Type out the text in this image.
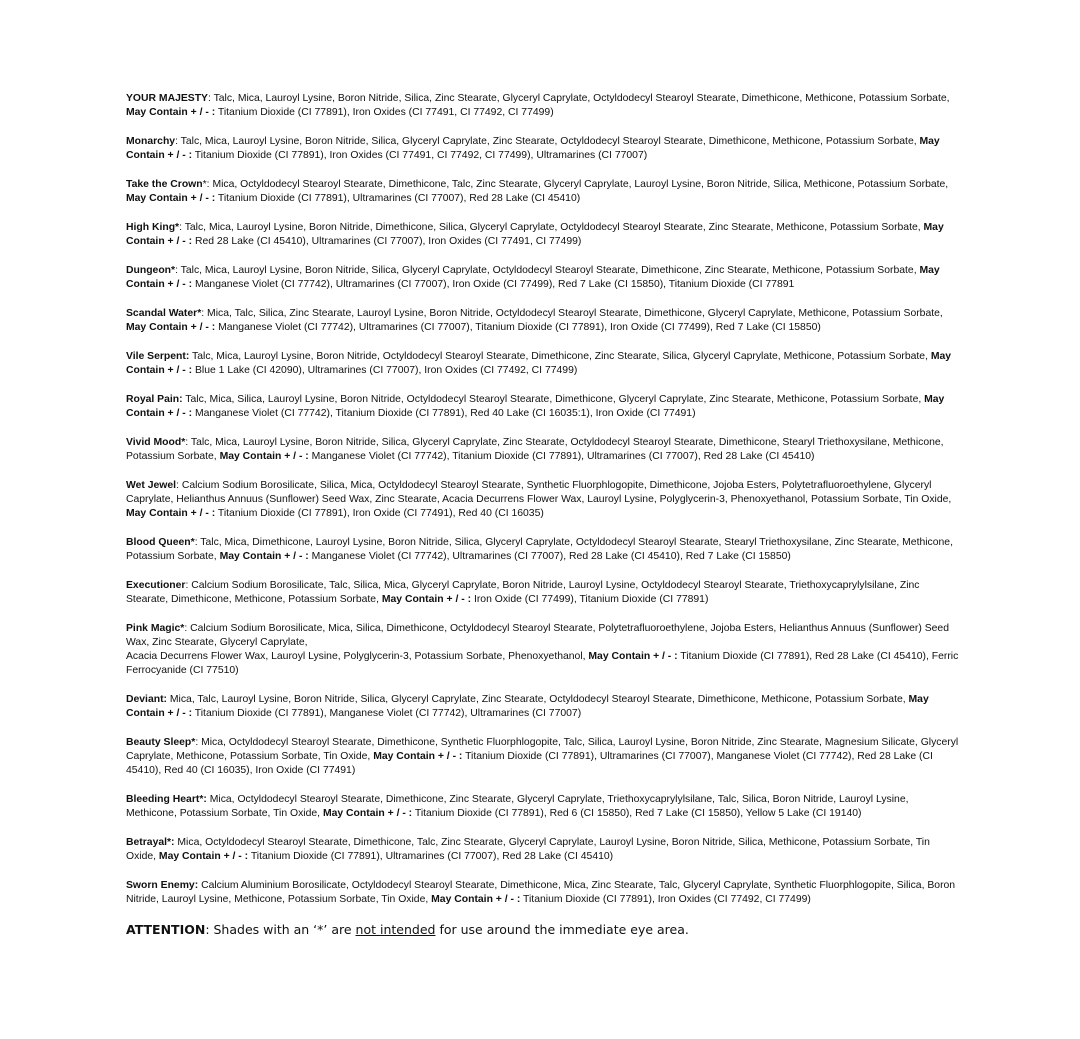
YOUR MAJESTY: Talc, Mica, Lauroyl Lysine, Boron Nitride, Silica, Zinc Stearate, Glyceryl Caprylate, Octyldodecyl Stearoyl Stearate, Dimethicone, Methicone, Potassium Sorbate, May Contain + / - : Titanium Dioxide (CI 77891), Iron Oxides (CI 77491, CI 77492, CI 77499)

Monarchy: Talc, Mica, Lauroyl Lysine, Boron Nitride, Silica, Glyceryl Caprylate, Zinc Stearate, Octyldodecyl Stearoyl Stearate, Dimethicone, Methicone, Potassium Sorbate, May Contain + / - : Titanium Dioxide (CI 77891), Iron Oxides (CI 77491, CI 77492, CI 77499), Ultramarines (CI 77007)

Take the Crown*: Mica, Octyldodecyl Stearoyl Stearate, Dimethicone, Talc, Zinc Stearate, Glyceryl Caprylate, Lauroyl Lysine, Boron Nitride, Silica, Methicone, Potassium Sorbate, May Contain + / - : Titanium Dioxide (CI 77891), Ultramarines (CI 77007), Red 28 Lake (CI 45410)

High King*: Talc, Mica, Lauroyl Lysine, Boron Nitride, Dimethicone, Silica, Glyceryl Caprylate, Octyldodecyl Stearoyl Stearate, Zinc Stearate, Methicone, Potassium Sorbate, May Contain + / - : Red 28 Lake (CI 45410), Ultramarines (CI 77007), Iron Oxides (CI 77491, CI 77499)

Dungeon*: Talc, Mica, Lauroyl Lysine, Boron Nitride, Silica, Glyceryl Caprylate, Octyldodecyl Stearoyl Stearate, Dimethicone, Zinc Stearate, Methicone, Potassium Sorbate, May Contain + / - : Manganese Violet (CI 77742), Ultramarines (CI 77007), Iron Oxide (CI 77499), Red 7 Lake (CI 15850), Titanium Dioxide (CI 77891

Scandal Water*: Mica, Talc, Silica, Zinc Stearate, Lauroyl Lysine, Boron Nitride, Octyldodecyl Stearoyl Stearate, Dimethicone, Glyceryl Caprylate, Methicone, Potassium Sorbate, May Contain + / - : Manganese Violet (CI 77742), Ultramarines (CI 77007), Titanium Dioxide (CI 77891), Iron Oxide (CI 77499), Red 7 Lake (CI 15850)

Vile Serpent: Talc, Mica, Lauroyl Lysine, Boron Nitride, Octyldodecyl Stearoyl Stearate, Dimethicone, Zinc Stearate, Silica, Glyceryl Caprylate, Methicone, Potassium Sorbate, May Contain + / - : Blue 1 Lake (CI 42090), Ultramarines (CI 77007), Iron Oxides (CI 77492, CI 77499)

Royal Pain: Talc, Mica, Silica, Lauroyl Lysine, Boron Nitride, Octyldodecyl Stearoyl Stearate, Dimethicone, Glyceryl Caprylate, Zinc Stearate, Methicone, Potassium Sorbate, May Contain + / - : Manganese Violet (CI 77742), Titanium Dioxide (CI 77891), Red 40 Lake (CI 16035:1), Iron Oxide (CI 77491)

Vivid Mood*: Talc, Mica, Lauroyl Lysine, Boron Nitride, Silica, Glyceryl Caprylate, Zinc Stearate, Octyldodecyl Stearoyl Stearate, Dimethicone, Stearyl Triethoxysilane, Methicone, Potassium Sorbate, May Contain + / - : Manganese Violet (CI 77742), Titanium Dioxide (CI 77891), Ultramarines (CI 77007), Red 28 Lake (CI 45410)

Wet Jewel: Calcium Sodium Borosilicate, Silica, Mica, Octyldodecyl Stearoyl Stearate, Synthetic Fluorphlogopite, Dimethicone, Jojoba Esters, Polytetrafluoroethylene, Glyceryl Caprylate, Helianthus Annuus (Sunflower) Seed Wax, Zinc Stearate, Acacia Decurrens Flower Wax, Lauroyl Lysine, Polyglycerin-3, Phenoxyethanol, Potassium Sorbate, Tin Oxide, May Contain + / - : Titanium Dioxide (CI 77891), Iron Oxide (CI 77491), Red 40 (CI 16035)

Blood Queen*: Talc, Mica, Dimethicone, Lauroyl Lysine, Boron Nitride, Silica, Glyceryl Caprylate, Octyldodecyl Stearoyl Stearate, Stearyl Triethoxysilane, Zinc Stearate, Methicone, Potassium Sorbate, May Contain + / - : Manganese Violet (CI 77742), Ultramarines (CI 77007), Red 28 Lake (CI 45410), Red 7 Lake (CI 15850)

Executioner: Calcium Sodium Borosilicate, Talc, Silica, Mica, Glyceryl Caprylate, Boron Nitride, Lauroyl Lysine, Octyldodecyl Stearoyl Stearate, Triethoxycaprylylsilane, Zinc Stearate, Dimethicone, Methicone, Potassium Sorbate, May Contain + / - : Iron Oxide (CI 77499), Titanium Dioxide (CI 77891)

Pink Magic*: Calcium Sodium Borosilicate, Mica, Silica, Dimethicone, Octyldodecyl Stearoyl Stearate, Polytetrafluoroethylene, Jojoba Esters, Helianthus Annuus (Sunflower) Seed Wax, Zinc Stearate, Glyceryl Caprylate,
Acacia Decurrens Flower Wax, Lauroyl Lysine, Polyglycerin-3, Potassium Sorbate, Phenoxyethanol, May Contain + / - : Titanium Dioxide (CI 77891), Red 28 Lake (CI 45410), Ferric Ferrocyanide (CI 77510)

Deviant: Mica, Talc, Lauroyl Lysine, Boron Nitride, Silica, Glyceryl Caprylate, Zinc Stearate, Octyldodecyl Stearoyl Stearate, Dimethicone, Methicone, Potassium Sorbate, May Contain + / - : Titanium Dioxide (CI 77891), Manganese Violet (CI 77742), Ultramarines (CI 77007)

Beauty Sleep*: Mica, Octyldodecyl Stearoyl Stearate, Dimethicone, Synthetic Fluorphlogopite, Talc, Silica, Lauroyl Lysine, Boron Nitride, Zinc Stearate, Magnesium Silicate, Glyceryl Caprylate, Methicone, Potassium Sorbate, Tin Oxide, May Contain + / - : Titanium Dioxide (CI 77891), Ultramarines (CI 77007), Manganese Violet (CI 77742), Red 28 Lake (CI 45410), Red 40 (CI 16035), Iron Oxide (CI 77491)

Bleeding Heart*: Mica, Octyldodecyl Stearoyl Stearate, Dimethicone, Zinc Stearate, Glyceryl Caprylate, Triethoxycaprylylsilane, Talc, Silica, Boron Nitride, Lauroyl Lysine, Methicone, Potassium Sorbate, Tin Oxide, May Contain + / - : Titanium Dioxide (CI 77891), Red 6 (CI 15850), Red 7 Lake (CI 15850), Yellow 5 Lake (CI 19140)

Betrayal*: Mica, Octyldodecyl Stearoyl Stearate, Dimethicone, Talc, Zinc Stearate, Glyceryl Caprylate, Lauroyl Lysine, Boron Nitride, Silica, Methicone, Potassium Sorbate, Tin Oxide, May Contain + / - : Titanium Dioxide (CI 77891), Ultramarines (CI 77007), Red 28 Lake (CI 45410)

Sworn Enemy: Calcium Aluminium Borosilicate, Octyldodecyl Stearoyl Stearate, Dimethicone, Mica, Zinc Stearate, Talc, Glyceryl Caprylate, Synthetic Fluorphlogopite, Silica, Boron Nitride, Lauroyl Lysine, Methicone, Potassium Sorbate, Tin Oxide, May Contain + / - : Titanium Dioxide (CI 77891), Iron Oxides (CI 77492, CI 77499)

ATTENTION: Shades with an ‘*’ are not intended for use around the immediate eye area.
